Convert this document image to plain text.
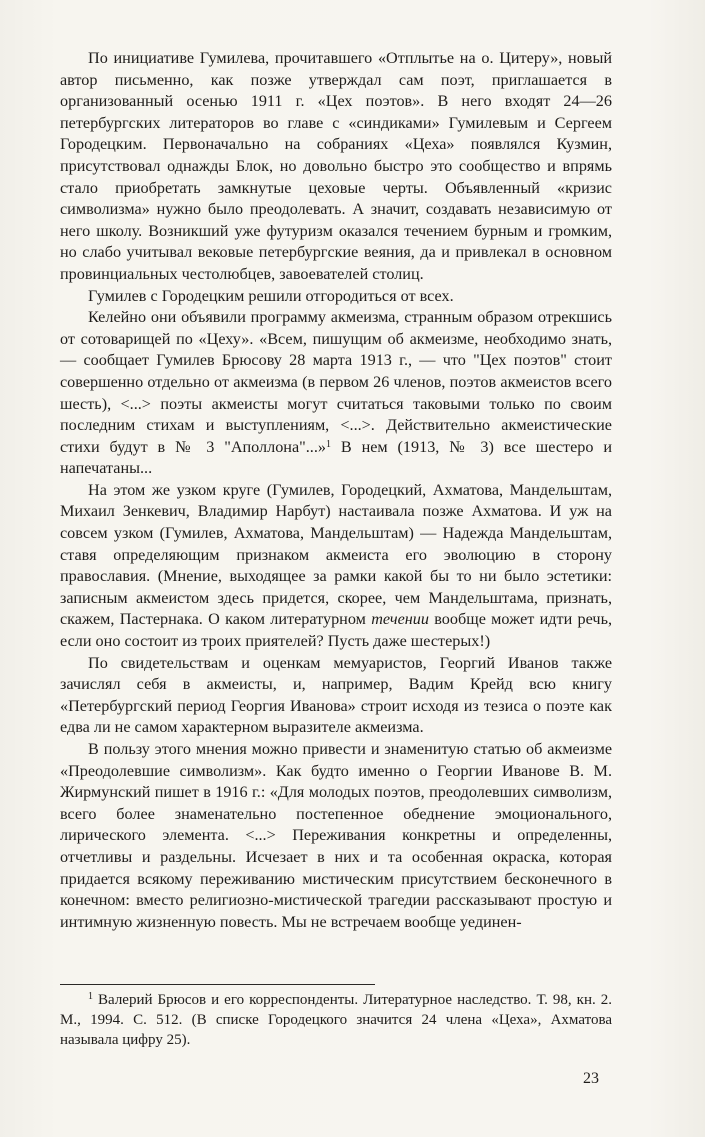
По инициативе Гумилева, прочитавшего «Отплытье на о. Цитеру», новый автор письменно, как позже утверждал сам поэт, приглашается в организованный осенью 1911 г. «Цех поэтов». В него входят 24—26 петербургских литераторов во главе с «синдиками» Гумилевым и Сергеем Городецким. Первоначально на собраниях «Цеха» появлялся Кузмин, присутствовал однажды Блок, но довольно быстро это сообщество и впрямь стало приобретать замкнутые цеховые черты. Объявленный «кризис символизма» нужно было преодолевать. А значит, создавать независимую от него школу. Возникший уже футуризм оказался течением бурным и громким, но слабо учитывал вековые петербургские веяния, да и привлекал в основном провинциальных честолюбцев, завоевателей столиц.

Гумилев с Городецким решили отгородиться от всех.

Келейно они объявили программу акмеизма, странным образом отрекшись от сотоварищей по «Цеху». «Всем, пишущим об акмеизме, необходимо знать, — сообщает Гумилев Брюсову 28 марта 1913 г., — что "Цех поэтов" стоит совершенно отдельно от акмеизма (в первом 26 членов, поэтов акмеистов всего шесть), <...> поэты акмеисты могут считаться таковыми только по своим последним стихам и выступлениям, <...>. Действительно акмеистические стихи будут в № 3 "Аполлона"...»$^1$ В нем (1913, № 3) все шестеро и напечатаны...

На этом же узком круге (Гумилев, Городецкий, Ахматова, Мандельштам, Михаил Зенкевич, Владимир Нарбут) настаивала позже Ахматова. И уж на совсем узком (Гумилев, Ахматова, Мандельштам) — Надежда Мандельштам, ставя определяющим признаком акмеиста его эволюцию в сторону православия. (Мнение, выходящее за рамки какой бы то ни было эстетики: записным акмеистом здесь придется, скорее, чем Мандельштама, признать, скажем, Пастернака. О каком литературном течении вообще может идти речь, если оно состоит из троих приятелей? Пусть даже шестерых!)

По свидетельствам и оценкам мемуаристов, Георгий Иванов также зачислял себя в акмеисты, и, например, Вадим Крейд всю книгу «Петербургский период Георгия Иванова» строит исходя из тезиса о поэте как едва ли не самом характерном выразителе акмеизма.

В пользу этого мнения можно привести и знаменитую статью об акмеизме «Преодолевшие символизм». Как будто именно о Георгии Иванове В. М. Жирмунский пишет в 1916 г.: «Для молодых поэтов, преодолевших символизм, всего более знаменательно постепенное обеднение эмоционального, лирического элемента. <...> Переживания конкретны и определенны, отчетливы и раздельны. Исчезает в них и та особенная окраска, которая придается всякому переживанию мистическим присутствием бесконечного в конечном: вместо религиозно-мистической трагедии рассказывают простую и интимную жизненную повесть. Мы не встречаем вообще уединен-

$^1$ Валерий Брюсов и его корреспонденты. Литературное наследство. Т. 98, кн. 2. М., 1994. С. 512. (В списке Городецкого значится 24 члена «Цеха», Ахматова называла цифру 25).

23
